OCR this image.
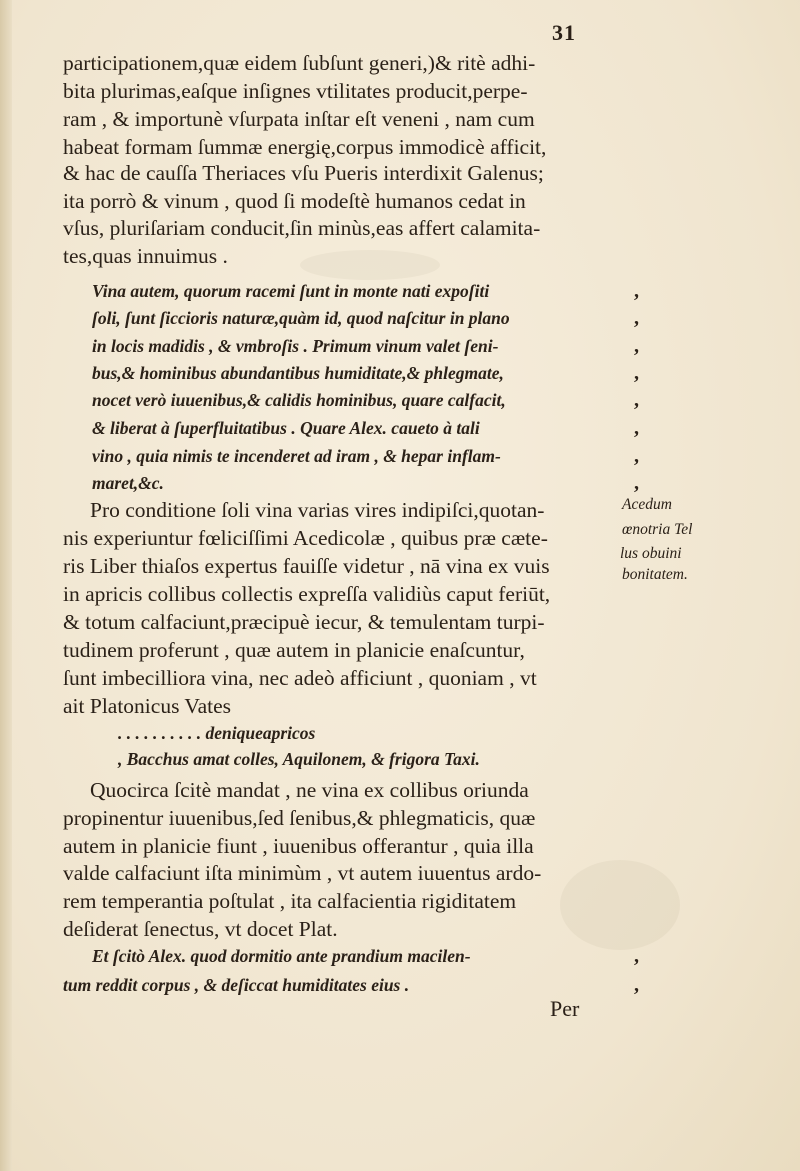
31
participationem,quæ eidem ſubſunt generi,)& ritè adhi-
bita plurimas,eaſque inſignes vtilitates producit,perpe-
ram , & importunè vſurpata inſtar eſt veneni , nam cum
habeat formam ſummæ energię,corpus immodicè afficit,
& hac de cauſſa Theriaces vſu Pueris interdixit Galenus;
ita porrò & vinum , quod ſi modeſtè humanos cedat in
vſus, pluriſariam conducit,ſin minùs,eas affert calamita-
tes,quas innuimus .
Vina autem, quorum racemi ſunt in monte nati expoſiti	,
ſoli, ſunt ſiccioris naturæ,quàm id, quod naſcitur in plano	,
in locis madidis , & vmbroſis . Primum vinum valet ſeni-	,
bus,& hominibus abundantibus humiditate,& phlegmate,	,
nocet verò iuuenibus,& calidis hominibus, quare calfacit,	,
& liberat à ſuperfluitatibus . Quare Alex. caueto à tali	,
vino , quia nimis te incenderet ad iram , & hepar inflam-	,
maret,&c.	,
Pro conditione ſoli vina varias vires indipiſci,quotan-
nis experiuntur fœliciſſimi Acedicolæ , quibus præ cæte-
ris Liber thiaſos expertus fauiſſe videtur , nā vina ex vuis
in apricis collibus collectis expreſſa validiùs caput feriūt,
& totum calfaciunt,præcipuè iecur, & temulentam turpi-
tudinem proferunt , quæ autem in planicie enaſcuntur,
ſunt imbecilliora vina, nec adeò afficiunt , quoniam , vt
ait Platonicus Vates
. . . . . . . . . . deniqueapricos
, Bacchus amat colles, Aquilonem, & frigora Taxi.
Quocirca ſcitè mandat , ne vina ex collibus oriunda
propinentur iuuenibus,ſed ſenibus,& phlegmaticis, quæ
autem in planicie fiunt , iuuenibus offerantur , quia illa
valde calfaciunt iſta minimùm , vt autem iuuentus ardo-
rem temperantia poſtulat , ita calfacientia rigiditatem
deſiderat ſenectus, vt docet Plat.
Et ſcitò Alex. quod dormitio ante prandium macilen-	,
tum reddit corpus , & deſiccat humiditates eius .	,
Acedum
œnotria Tel
lus obuini
bonitatem.
Per
